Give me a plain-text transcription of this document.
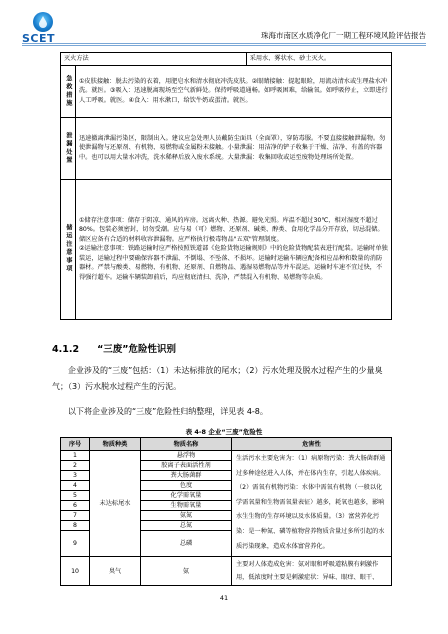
SCET	珠海市南区水质净化厂一期工程环境风险评估报告
灭火方法		采用水、雾状水、砂土灭火。
急救措施	①皮肤接触：脱去污染的衣着，用肥皂水和清水彻底冲洗皮肤。②眼睛接触：提起眼睑，用流动清水或生理盐水冲洗。就医。③吸入：迅速脱离现场至空气新鲜处。保持呼吸道通畅。如呼吸困难，给输氧。如呼吸停止，立即进行人工呼吸。就医。④食入：用水漱口，给饮牛奶或蛋清。就医。	
泄漏处置	迅速撤离泄漏污染区，限制出入。建议应急处理人员戴防尘面具（全面罩），穿防毒服。不要直接接触泄漏物。勿使泄漏物与还原剂、有机物、易燃物或金属粉末接触。小量泄漏：用洁净的铲子收集于干燥、洁净、有盖的容器中。也可以用大量水冲洗，洗水稀释后放入废水系统。大量泄漏：收集回收或运至废物处理场所处置。	
储运注意事项	①储存注意事项：储存于阴凉、通风的库房。远离火种、热源。避免光照。库温不超过30℃，相对湿度不超过80%。包装必须密封，切勿受潮。应与易（可）燃物、还原剂、碱类、醇类、食用化学品分开存放，切忌混储。储区应备有合适的材料收容泄漏物。应严格执行极毒物品"五双"管理制度。
②运输注意事项：铁路运输时应严格按照铁道部《危险货物运输规则》中的危险货物配装表进行配装。运输时单独装运，运输过程中要确保容器不泄漏、不倒塌、不坠落、不损坏。运输时运输车辆应配备相应品种和数量的消防器材。严禁与酸类、易燃物、有机物、还原剂、自燃物品、遇湿易燃物品等并车混运。运输时车速不宜过快，不得强行超车。运输车辆装卸前后，均应彻底清扫、洗净，严禁混入有机物、易燃物等杂质。	
4.1.2 “三废”危险性识别
企业涉及的“三废”包括：（1）未达标排放的尾水；（2）污水处理及脱水过程产生的少量臭气；（3）污水脱水过程产生的污泥。
以下将企业涉及的“三废”危险性归纳整理，详见表 4-8。
表 4-8 企业“三废”危险性
序号	物质种类	物质名称	危害性
1	未达标尾水	悬浮物	生活污水主要危害为：（1）病原物污染：粪大肠菌群通过多种途径进入人体，并在体内生存，引起人体疾病。（2）需氧有机物污染：水体中需氧有机物（一般以化学需氧量和生物需氧量表征）越多，耗氧也越多，影响水生生物的生存环境以及水体质量。（3）富营养化污染：是一种氮、磷等植物营养物质含量过多所引起的水质污染现象，造成水体富营养化。
2		胶离子表面活性剂	
3		粪大肠菌群	
4		色度	
5		化学需氧量	
6		生物需氧量	
7		氨氮	
8		总氮	
9		总磷	
10	臭气	氨	主要对人体造成危害：氨对眼和呼吸道粘膜有刺激作用，低浓度时主要是刺激症状：异味、眼痒、眼干、
41
